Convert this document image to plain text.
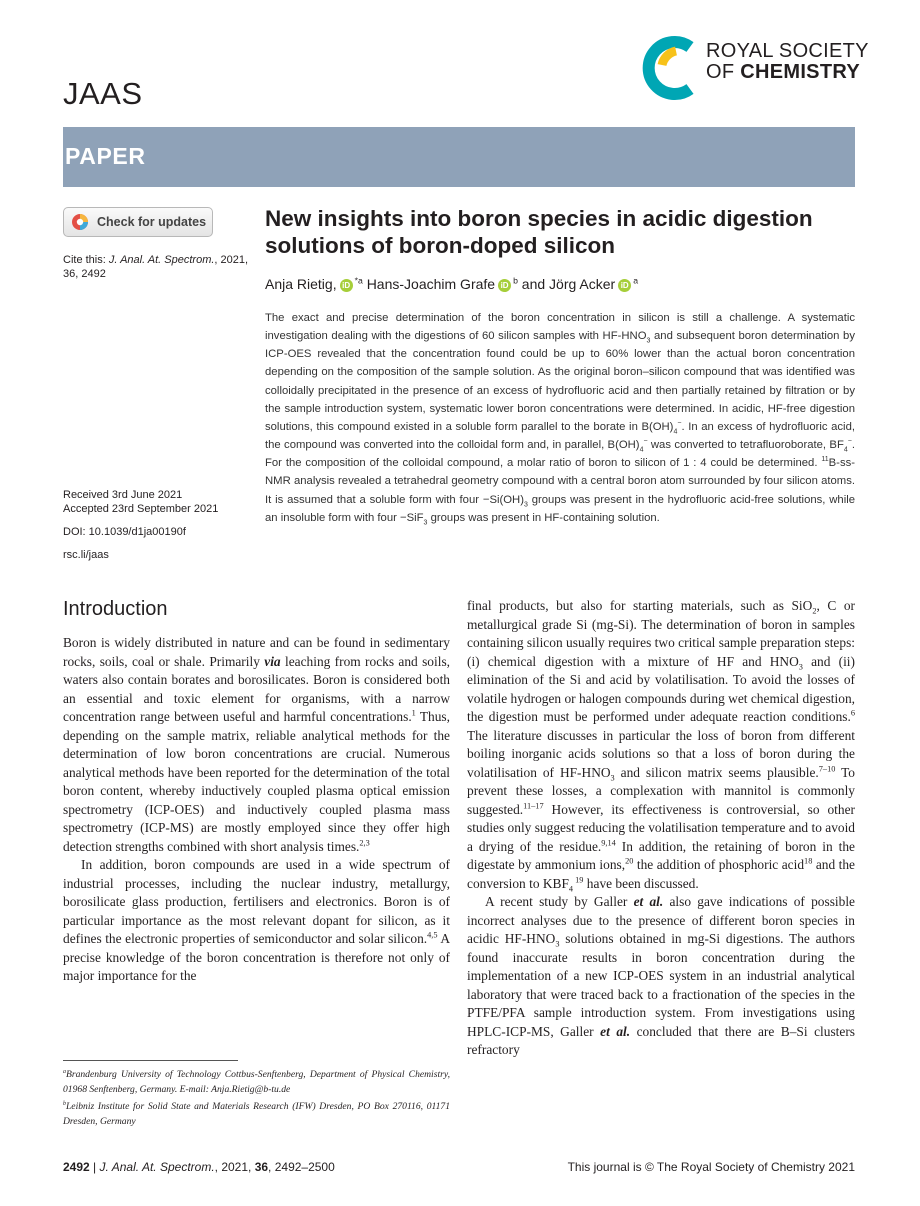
JAAS
ROYAL SOCIETY
OF CHEMISTRY
PAPER
Check for updates
Cite this: J. Anal. At. Spectrom., 2021, 36, 2492
New insights into boron species in acidic digestion solutions of boron-doped silicon
Anja Rietig, $iD^{*a}$ Hans-Joachim Grafe $iD^b$ and Jörg Acker $iD^a$
The exact and precise determination of the boron concentration in silicon is still a challenge. A systematic investigation dealing with the digestions of 60 silicon samples with $HF-HNO_3$ and subsequent boron determination by ICP-OES revealed that the concentration found could be up to 60% lower than the actual boron concentration depending on the composition of the sample solution. As the original boron–silicon compound that was identified was colloidally precipitated in the presence of an excess of hydrofluoric acid and then partially retained by filtration or by the sample introduction system, systematic lower boron concentrations were determined. In acidic, HF-free digestion solutions, this compound existed in a soluble form parallel to the borate in $B(OH)_4^-$. In an excess of hydrofluoric acid, the compound was converted into the colloidal form and, in parallel, $B(OH)_4^-$ was converted to tetrafluoroborate, $BF_4^-$. For the composition of the colloidal compound, a molar ratio of boron to silicon of 1 : 4 could be determined. $^{11}$B-ss-NMR analysis revealed a tetrahedral geometry compound with a central boron atom surrounded by four silicon atoms. It is assumed that a soluble form with four $-Si(OH)_3$ groups was present in the hydrofluoric acid-free solutions, while an insoluble form with four −SiF$_3$ groups was present in HF-containing solution.
Received 3rd June 2021
Accepted 23rd September 2021
DOI: 10.1039/d1ja00190f
rsc.li/jaas
Introduction

Boron is widely distributed in nature and can be found in sedimentary rocks, soils, coal or shale. Primarily via leaching from rocks and soils, waters also contain borates and borosilicates. Boron is considered both an essential and toxic element for organisms, with a narrow concentration range between useful and harmful concentrations.$^1$ Thus, depending on the sample matrix, reliable analytical methods for the determination of low boron concentrations are crucial. Numerous analytical methods have been reported for the determination of the total boron content, whereby inductively coupled plasma optical emission spectrometry (ICP-OES) and inductively coupled plasma mass spectrometry (ICP-MS) are mostly employed since they offer high detection strengths combined with short analysis times.$^{2,3}$

In addition, boron compounds are used in a wide spectrum of industrial processes, including the nuclear industry, metallurgy, borosilicate glass production, fertilisers and electronics. Boron is of particular importance as the most relevant dopant for silicon, as it defines the electronic properties of semiconductor and solar silicon.$^{4,5}$ A precise knowledge of the boron concentration is therefore not only of major importance for the

final products, but also for starting materials, such as SiO$_2$, C or metallurgical grade Si (mg-Si). The determination of boron in samples containing silicon usually requires two critical sample preparation steps: (i) chemical digestion with a mixture of HF and $HNO_3$ and (ii) elimination of the Si and acid by volatilisation. To avoid the losses of volatile hydrogen or halogen compounds during wet chemical digestion, the digestion must be performed under adequate reaction conditions.$^6$ The literature discusses in particular the loss of boron from different boiling inorganic acids solutions so that a loss of boron during the volatilisation of $HF-HNO_3$ and silicon matrix seems plausible.$^{7-10}$ To prevent these losses, a complexation with mannitol is commonly suggested.$^{11-17}$ However, its effectiveness is controversial, so other studies only suggest reducing the volatilisation temperature and to avoid a drying of the residue.$^{9,14}$ In addition, the retaining of boron in the digestate by ammonium ions,$^{20}$ the addition of phosphoric acid$^{18}$ and the conversion to $KBF_4$ $^{19}$ have been discussed.

A recent study by Galler et al. also gave indications of possible incorrect analyses due to the presence of different boron species in acidic $HF-HNO_3$ solutions obtained in mg-Si digestions. The authors found inaccurate results in boron concentration during the implementation of a new ICP-OES system in an industrial analytical laboratory that were traced back to a fractionation of the species in the PTFE/PFA sample introduction system. From investigations using HPLC-ICP-MS, Galler et al. concluded that there are B–Si clusters refractory

$^a$Brandenburg University of Technology Cottbus-Senftenberg, Department of Physical Chemistry, 01968 Senftenberg, Germany. E-mail: Anja.Rietig@b-tu.de

$^b$Leibniz Institute for Solid State and Materials Research (IFW) Dresden, PO Box 270116, 01171 Dresden, Germany

2492 | J. Anal. At. Spectrom., 2021, 36, 2492–2500	This journal is © The Royal Society of Chemistry 2021
